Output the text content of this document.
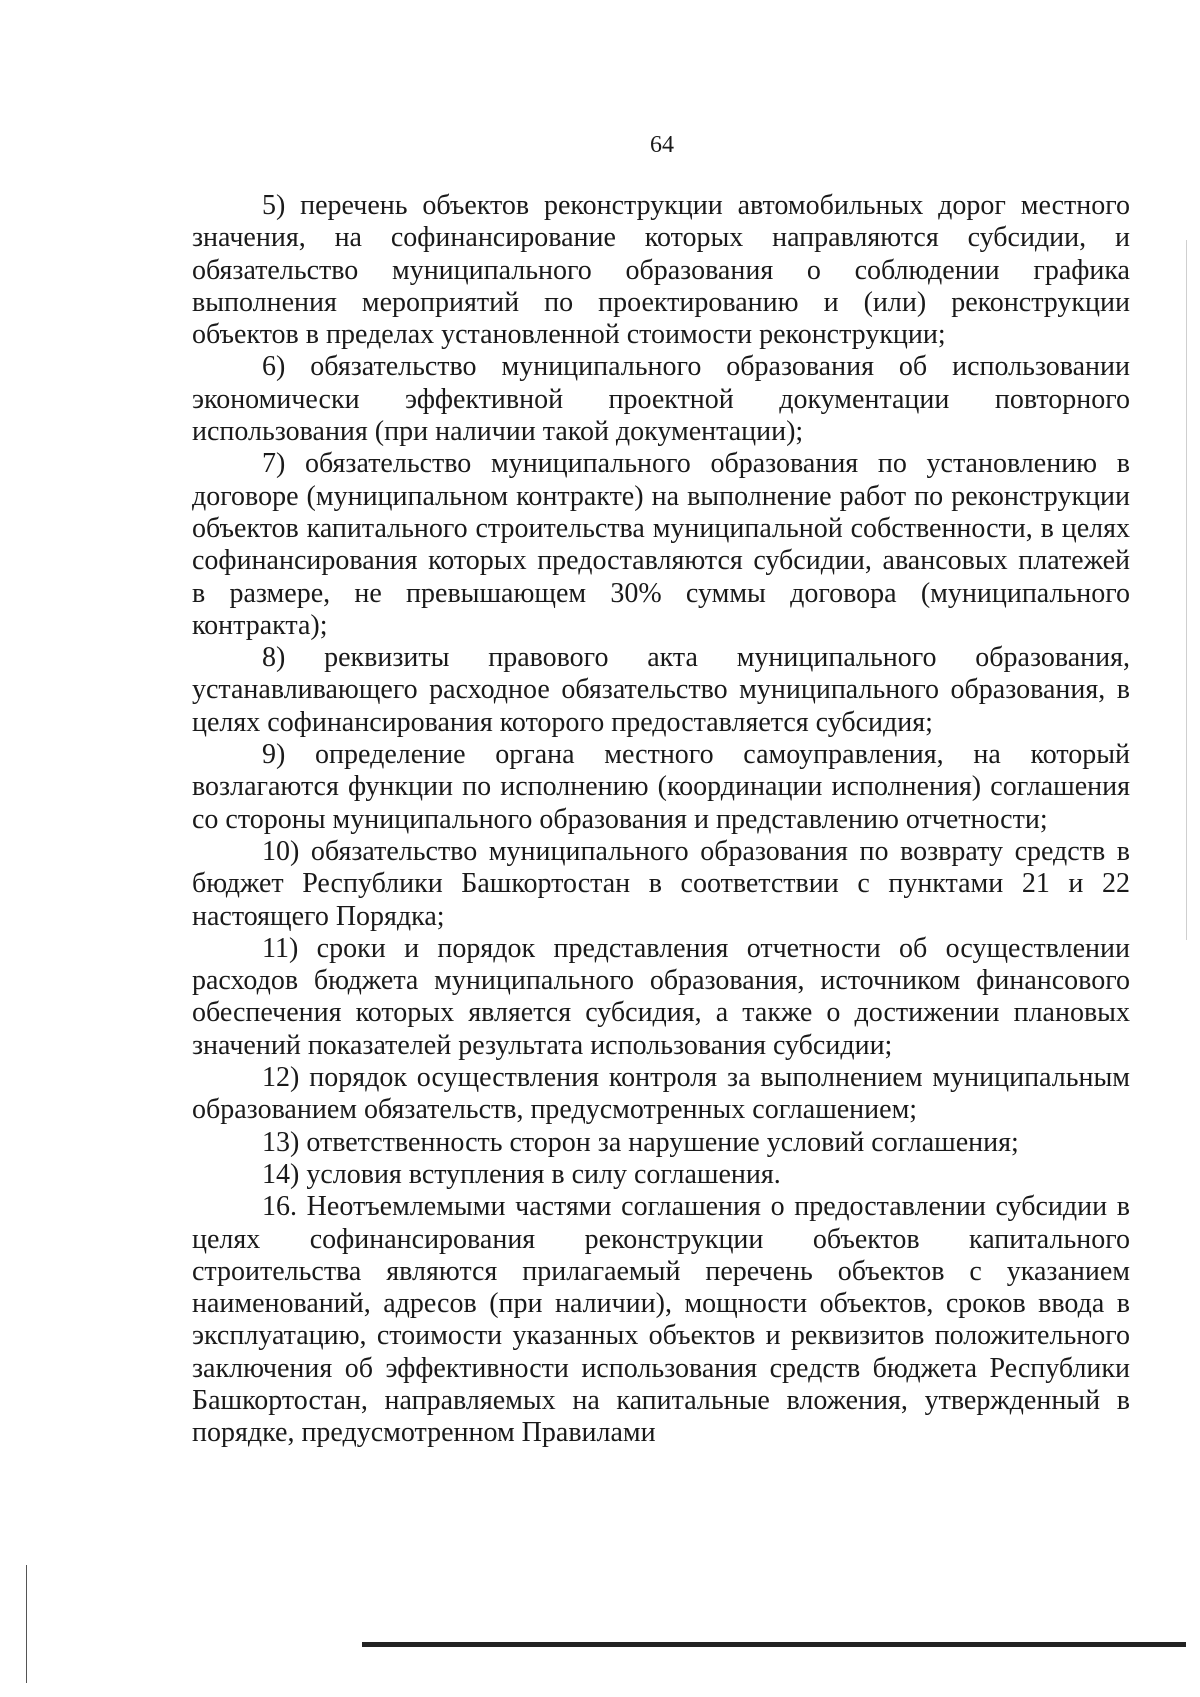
64

5) перечень объектов реконструкции автомобильных дорог местного значения, на софинансирование которых направляются субсидии, и обязательство муниципального образования о соблюдении графика выполнения мероприятий по проектированию и (или) реконструкции объектов в пределах установленной стоимости реконструкции;

6) обязательство муниципального образования об использовании экономически эффективной проектной документации повторного использования (при наличии такой документации);

7) обязательство муниципального образования по установлению в договоре (муниципальном контракте) на выполнение работ по реконструкции объектов капитального строительства муниципальной собственности, в целях софинансирования которых предоставляются субсидии, авансовых платежей в размере, не превышающем 30% суммы договора (муниципального контракта);

8) реквизиты правового акта муниципального образования, устанавливающего расходное обязательство муниципального образования, в целях софинансирования которого предоставляется субсидия;

9) определение органа местного самоуправления, на который возлагаются функции по исполнению (координации исполнения) соглашения со стороны муниципального образования и представлению отчетности;

10) обязательство муниципального образования по возврату средств в бюджет Республики Башкортостан в соответствии с пунктами 21 и 22 настоящего Порядка;

11) сроки и порядок представления отчетности об осуществлении расходов бюджета муниципального образования, источником финансового обеспечения которых является субсидия, а также о достижении плановых значений показателей результата использования субсидии;

12) порядок осуществления контроля за выполнением муниципальным образованием обязательств, предусмотренных соглашением;

13) ответственность сторон за нарушение условий соглашения;

14) условия вступления в силу соглашения.

16. Неотъемлемыми частями соглашения о предоставлении субсидии в целях софинансирования реконструкции объектов капитального строительства являются прилагаемый перечень объектов с указанием наименований, адресов (при наличии), мощности объектов, сроков ввода в эксплуатацию, стоимости указанных объектов и реквизитов положительного заключения об эффективности использования средств бюджета Республики Башкортостан, направляемых на капитальные вложения, утвержденный в порядке, предусмотренном Правилами
